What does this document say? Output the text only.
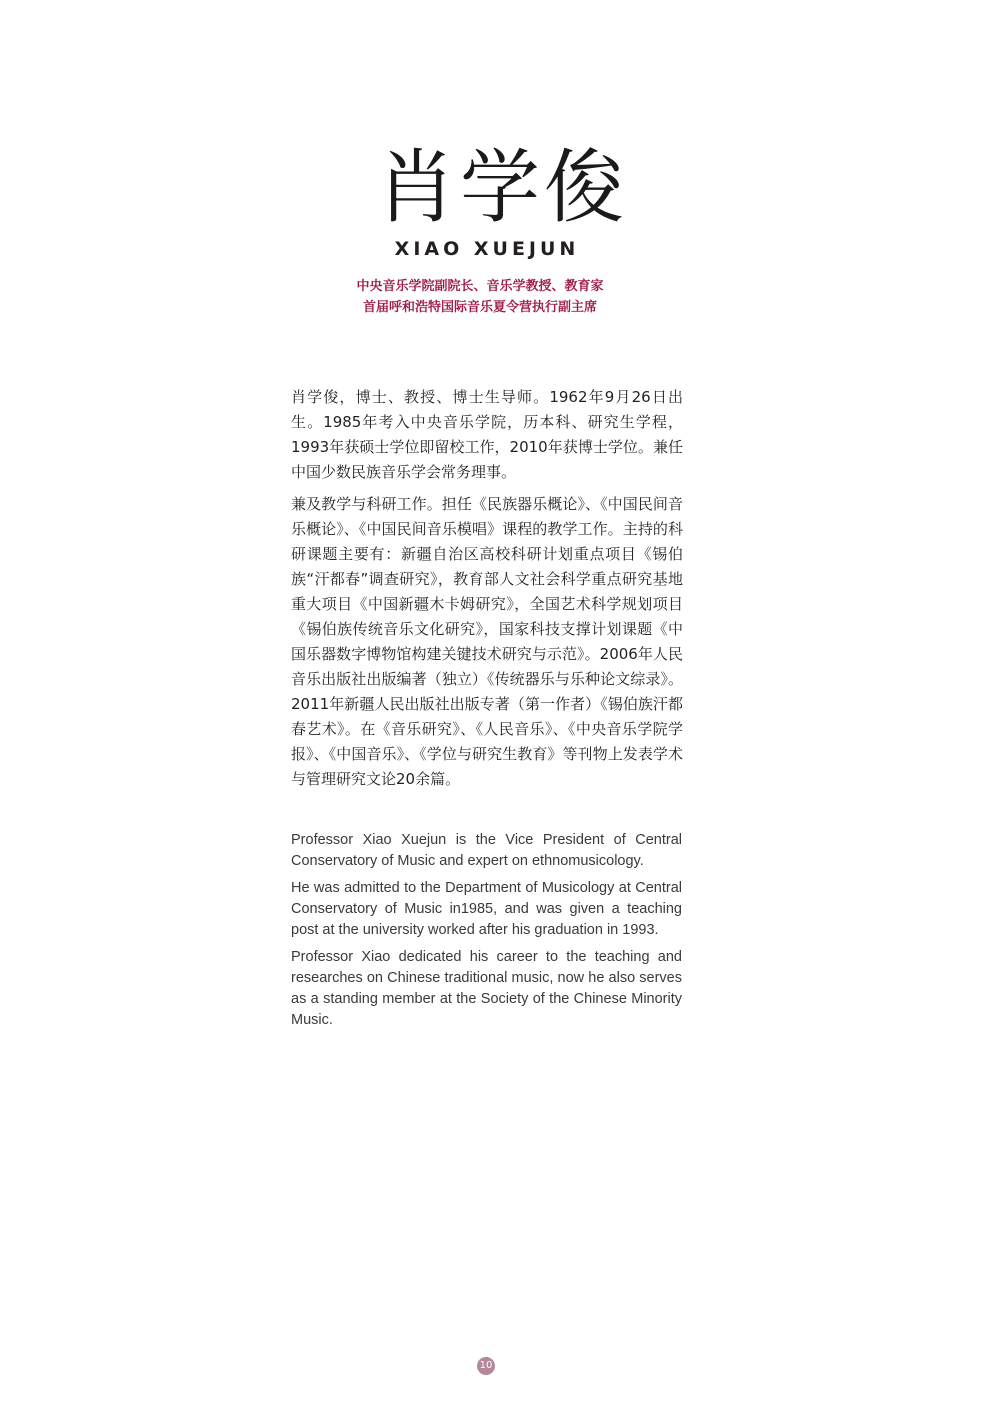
肖学俊
XIAO XUEJUN
中央音乐学院副院长、音乐学教授、教育家
首届呼和浩特国际音乐夏令营执行副主席

肖学俊，博士、教授、博士生导师。1962年9月26日出生。1985年考入中央音乐学院，历本科、研究生学程，1993年获硕士学位即留校工作，2010年获博士学位。兼任中国少数民族音乐学会常务理事。

兼及教学与科研工作。担任《民族器乐概论》、《中国民间音乐概论》、《中国民间音乐模唱》课程的教学工作。主持的科研课题主要有：新疆自治区高校科研计划重点项目《锡伯族“汗都春”调查研究》，教育部人文社会科学重点研究基地重大项目《中国新疆木卡姆研究》，全国艺术科学规划项目《锡伯族传统音乐文化研究》，国家科技支撑计划课题《中国乐器数字博物馆构建关键技术研究与示范》。2006年人民音乐出版社出版编著（独立）《传统器乐与乐种论文综录》。2011年新疆人民出版社出版专著（第一作者）《锡伯族汗都春艺术》。在《音乐研究》、《人民音乐》、《中央音乐学院学报》、《中国音乐》、《学位与研究生教育》等刊物上发表学术与管理研究文论20余篇。

Professor Xiao Xuejun is the Vice President of Central Conservatory of Music and expert on ethnomusicology.

He was admitted to the Department of Musicology at Central Conservatory of Music in1985, and was given a teaching post at the university worked after his graduation in 1993.

Professor Xiao dedicated his career to the teaching and researches on Chinese traditional music, now he also serves as a standing member at the Society of the Chinese Minority Music.

10
